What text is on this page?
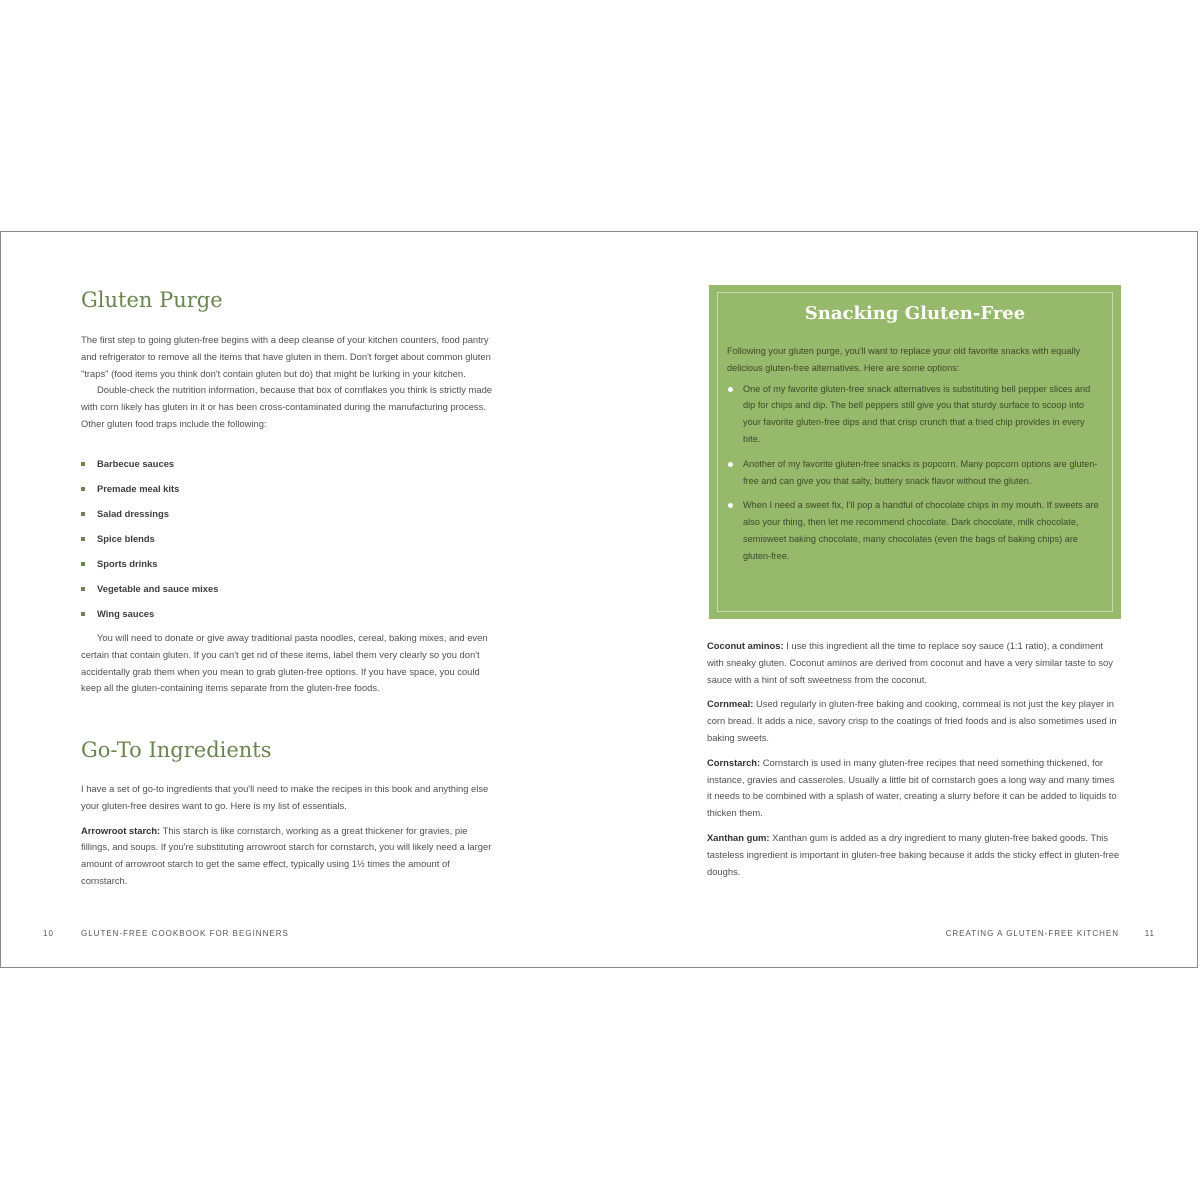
Gluten Purge

The first step to going gluten-free begins with a deep cleanse of your kitchen counters, food pantry and refrigerator to remove all the items that have gluten in them. Don't forget about common gluten "traps" (food items you think don't contain gluten but do) that might be lurking in your kitchen.

Double-check the nutrition information, because that box of cornflakes you think is strictly made with corn likely has gluten in it or has been cross-contaminated during the manufacturing process. Other gluten food traps include the following:

Barbecue sauces
Premade meal kits
Salad dressings
Spice blends
Sports drinks
Vegetable and sauce mixes
Wing sauces

You will need to donate or give away traditional pasta noodles, cereal, baking mixes, and even certain that contain gluten. If you can't get rid of these items, label them very clearly so you don't accidentally grab them when you mean to grab gluten-free options. If you have space, you could keep all the gluten-containing items separate from the gluten-free foods.

Go-To Ingredients

I have a set of go-to ingredients that you'll need to make the recipes in this book and anything else your gluten-free desires want to go. Here is my list of essentials.

Arrowroot starch: This starch is like cornstarch, working as a great thickener for gravies, pie fillings, and soups. If you're substituting arrowroot starch for cornstarch, you will likely need a larger amount of arrowroot starch to get the same effect, typically using 1½ times the amount of cornstarch.

10	GLUTEN-FREE COOKBOOK FOR BEGINNERS
Snacking Gluten-Free

Following your gluten purge, you'll want to replace your old favorite snacks with equally delicious gluten-free alternatives. Here are some options:

One of my favorite gluten-free snack alternatives is substituting bell pepper slices and dip for chips and dip. The bell peppers still give you that sturdy surface to scoop into your favorite gluten-free dips and that crisp crunch that a fried chip provides in every bite.
Another of my favorite gluten-free snacks is popcorn. Many popcorn options are gluten-free and can give you that salty, buttery snack flavor without the gluten.
When I need a sweet fix, I'll pop a handful of chocolate chips in my mouth. If sweets are also your thing, then let me recommend chocolate. Dark chocolate, milk chocolate, semisweet baking chocolate, many chocolates (even the bags of baking chips) are gluten-free.

Coconut aminos: I use this ingredient all the time to replace soy sauce (1:1 ratio), a condiment with sneaky gluten. Coconut aminos are derived from coconut and have a very similar taste to soy sauce with a hint of soft sweetness from the coconut.

Cornmeal: Used regularly in gluten-free baking and cooking, cornmeal is not just the key player in corn bread. It adds a nice, savory crisp to the coatings of fried foods and is also sometimes used in baking sweets.

Cornstarch: Cornstarch is used in many gluten-free recipes that need something thickened, for instance, gravies and casseroles. Usually a little bit of cornstarch goes a long way and many times it needs to be combined with a splash of water, creating a slurry before it can be added to liquids to thicken them.

Xanthan gum: Xanthan gum is added as a dry ingredient to many gluten-free baked goods. This tasteless ingredient is important in gluten-free baking because it adds the sticky effect in gluten-free doughs.

CREATING A GLUTEN-FREE KITCHEN	11
